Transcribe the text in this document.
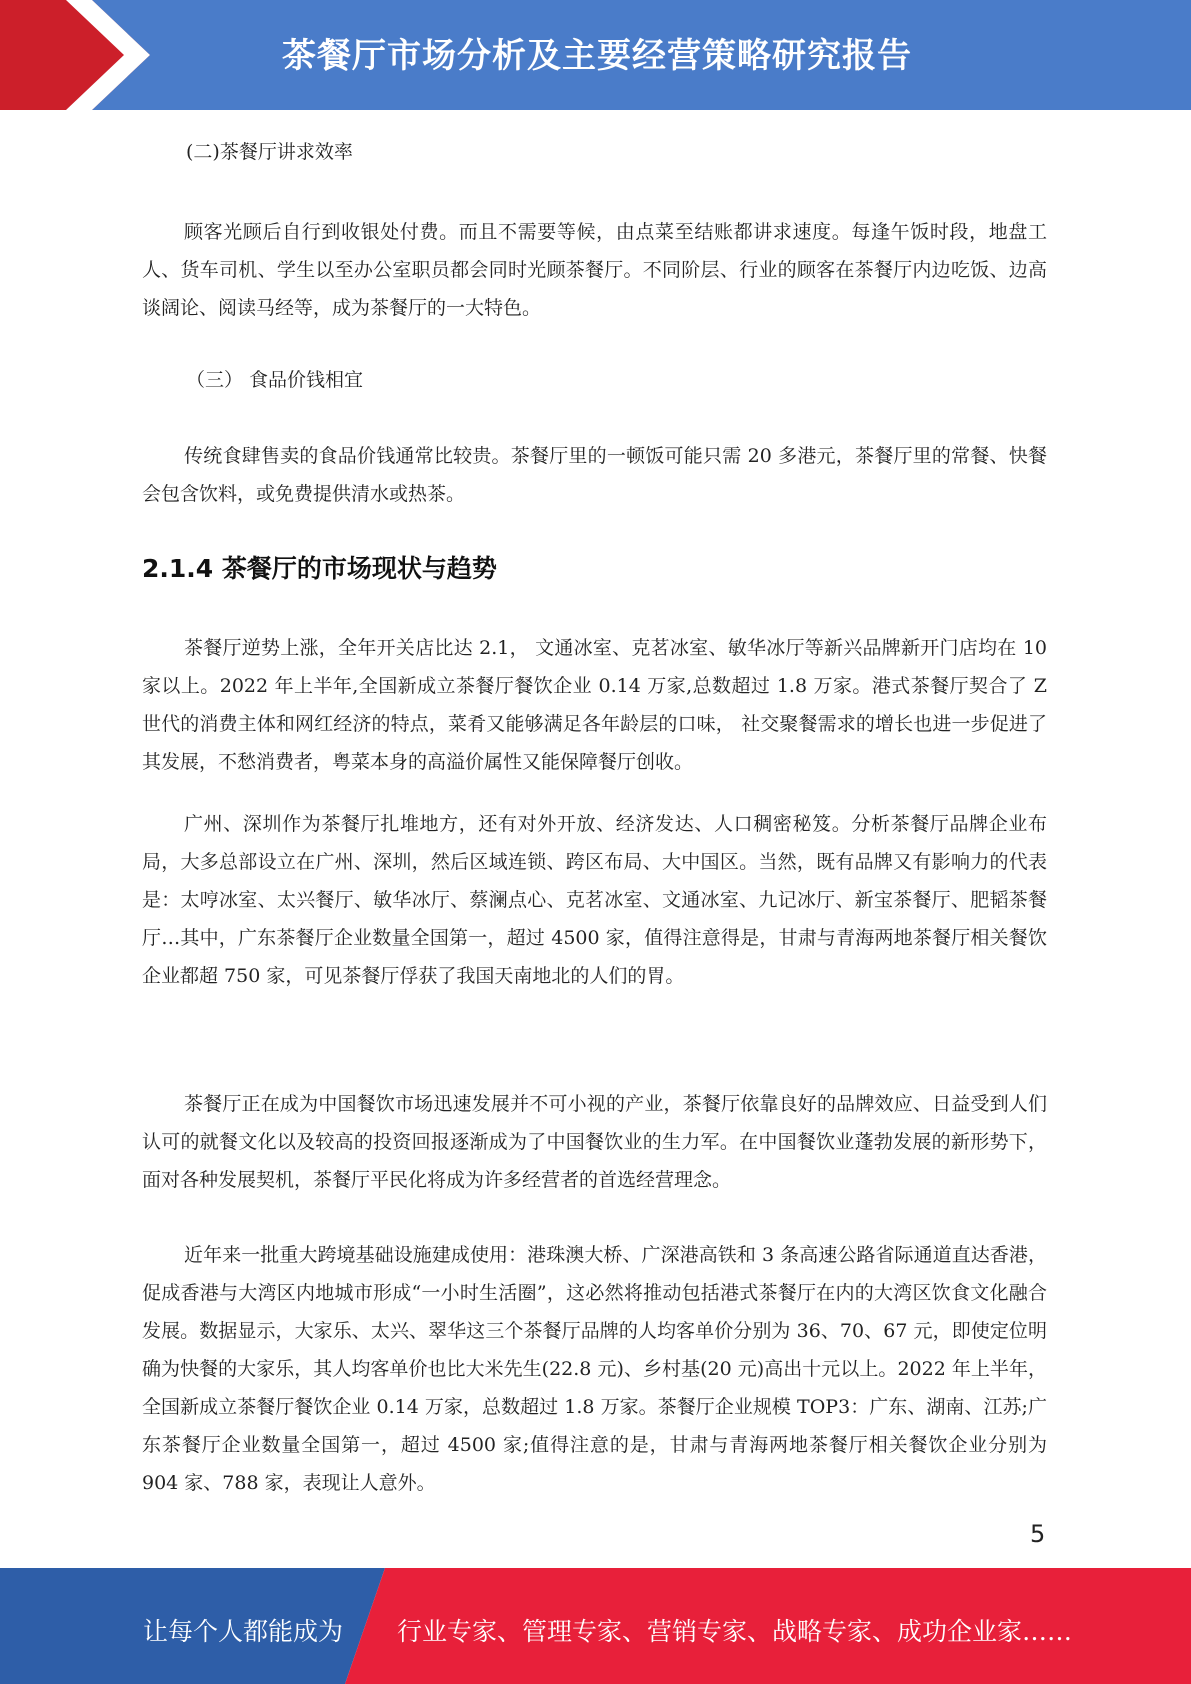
茶餐厅市场分析及主要经营策略研究报告
(二)茶餐厅讲求效率
顾客光顾后自行到收银处付费。而且不需要等候，由点菜至结账都讲求速度。每逢午饭时段，地盘工人、货车司机、学生以至办公室职员都会同时光顾茶餐厅。不同阶层、行业的顾客在茶餐厅内边吃饭、边高谈阔论、阅读马经等，成为茶餐厅的一大特色。
（三） 食品价钱相宜
传统食肆售卖的食品价钱通常比较贵。茶餐厅里的一顿饭可能只需 20 多港元，茶餐厅里的常餐、快餐会包含饮料，或免费提供清水或热茶。
2.1.4 茶餐厅的市场现状与趋势
茶餐厅逆势上涨，全年开关店比达 2.1， 文通冰室、克茗冰室、敏华冰厅等新兴品牌新开门店均在 10 家以上。2022 年上半年,全国新成立茶餐厅餐饮企业 0.14 万家,总数超过 1.8 万家。港式茶餐厅契合了 Z 世代的消费主体和网红经济的特点，菜肴又能够满足各年龄层的口味， 社交聚餐需求的增长也进一步促进了其发展，不愁消费者，粤菜本身的高溢价属性又能保障餐厅创收。
广州、深圳作为茶餐厅扎堆地方，还有对外开放、经济发达、人口稠密秘笈。分析茶餐厅品牌企业布局，大多总部设立在广州、深圳，然后区域连锁、跨区布局、大中国区。当然，既有品牌又有影响力的代表是：太哼冰室、太兴餐厅、敏华冰厅、蔡澜点心、克茗冰室、文通冰室、九记冰厅、新宝茶餐厅、肥韬茶餐厅…其中，广东茶餐厅企业数量全国第一，超过 4500 家，值得注意得是，甘肃与青海两地茶餐厅相关餐饮企业都超 750 家，可见茶餐厅俘获了我国天南地北的人们的胃。
茶餐厅正在成为中国餐饮市场迅速发展并不可小视的产业，茶餐厅依靠良好的品牌效应、日益受到人们认可的就餐文化以及较高的投资回报逐渐成为了中国餐饮业的生力军。在中国餐饮业蓬勃发展的新形势下，面对各种发展契机，茶餐厅平民化将成为许多经营者的首选经营理念。
近年来一批重大跨境基础设施建成使用：港珠澳大桥、广深港高铁和 3 条高速公路省际通道直达香港，促成香港与大湾区内地城市形成“一小时生活圈”，这必然将推动包括港式茶餐厅在内的大湾区饮食文化融合发展。数据显示，大家乐、太兴、翠华这三个茶餐厅品牌的人均客单价分别为 36、70、67 元，即使定位明确为快餐的大家乐，其人均客单价也比大米先生(22.8 元)、乡村基(20 元)高出十元以上。2022 年上半年，全国新成立茶餐厅餐饮企业 0.14 万家，总数超过 1.8 万家。茶餐厅企业规模 TOP3：广东、湖南、江苏;广东茶餐厅企业数量全国第一，超过 4500 家;值得注意的是，甘肃与青海两地茶餐厅相关餐饮企业分别为 904 家、788 家，表现让人意外。
5
让每个人都能成为 行业专家、管理专家、营销专家、战略专家、成功企业家……
